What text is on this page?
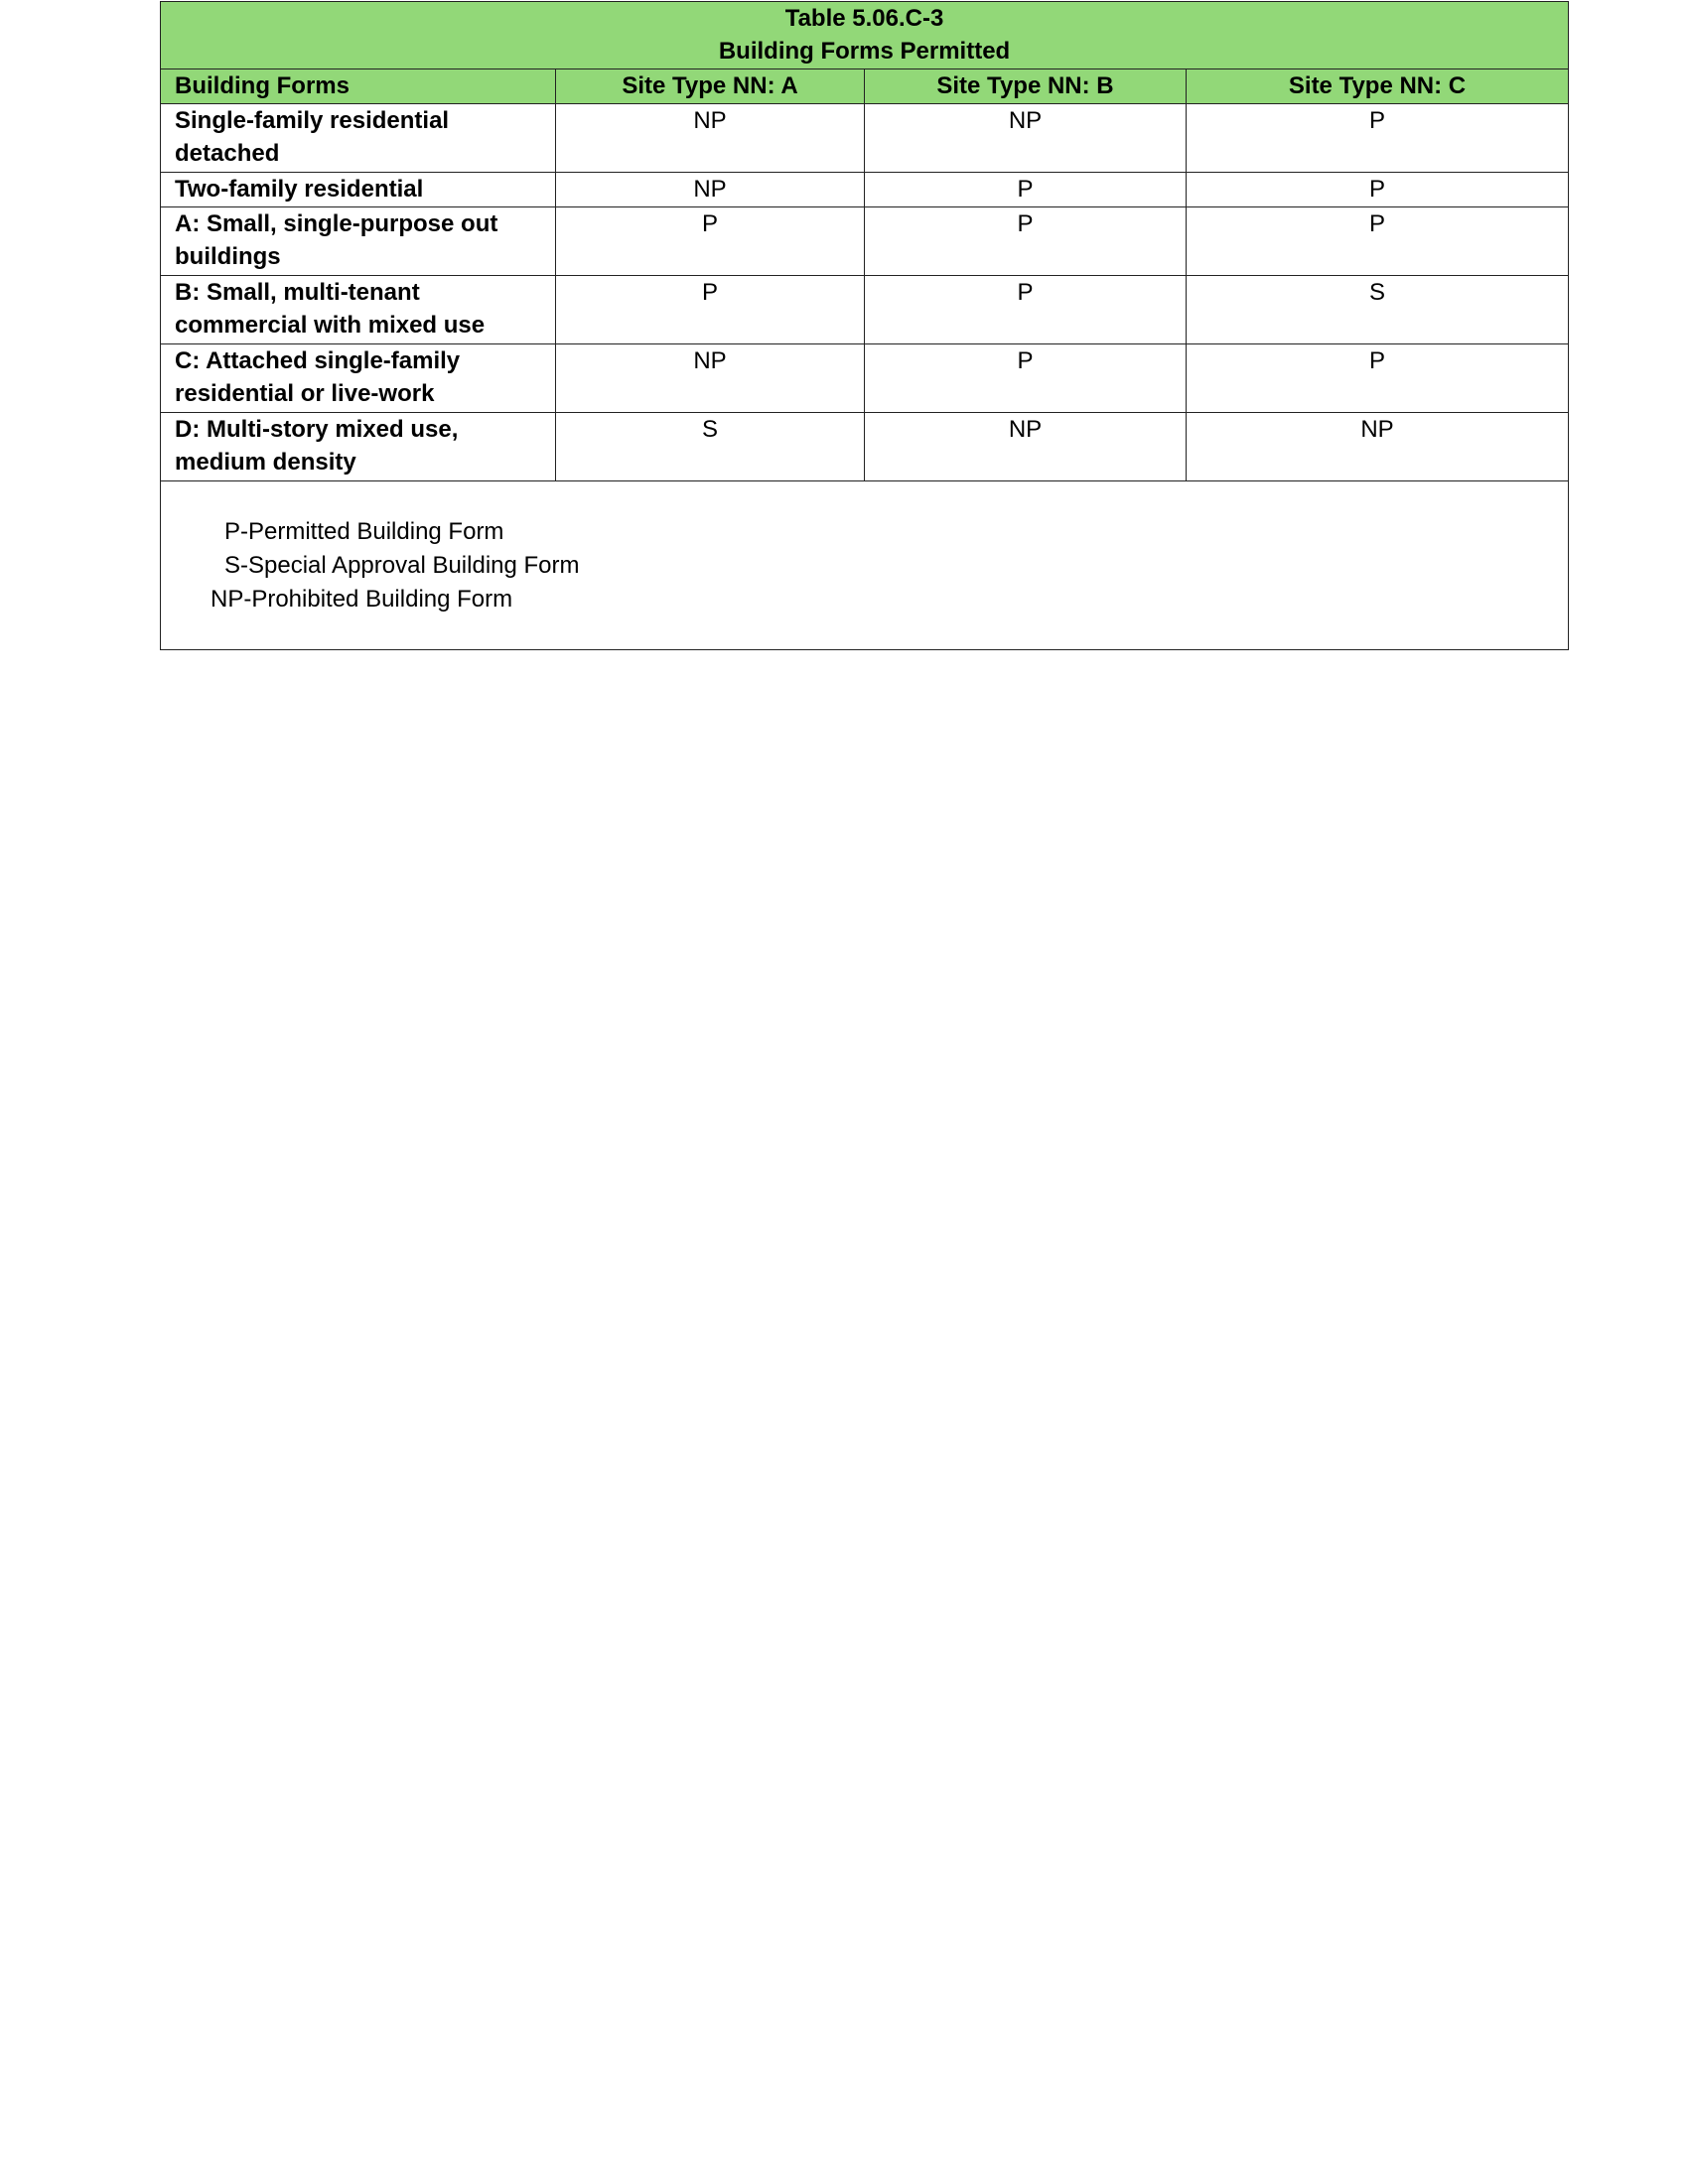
Table 5.06.C-3
Building Forms Permitted			

Building Forms	Site Type NN: A	Site Type NN: B	Site Type NN: C
Single-family residential detached	NP	NP	P
Two-family residential	NP	P	P
A: Small, single-purpose out buildings	P	P	P
B: Small, multi-tenant commercial with mixed use	P	P	S
C: Attached single-family residential or live-work	NP	P	P
D: Multi-story mixed use, medium density	S	NP	NP

P-Permitted Building Form
S-Special Approval Building Form
NP-Prohibited Building Form			
